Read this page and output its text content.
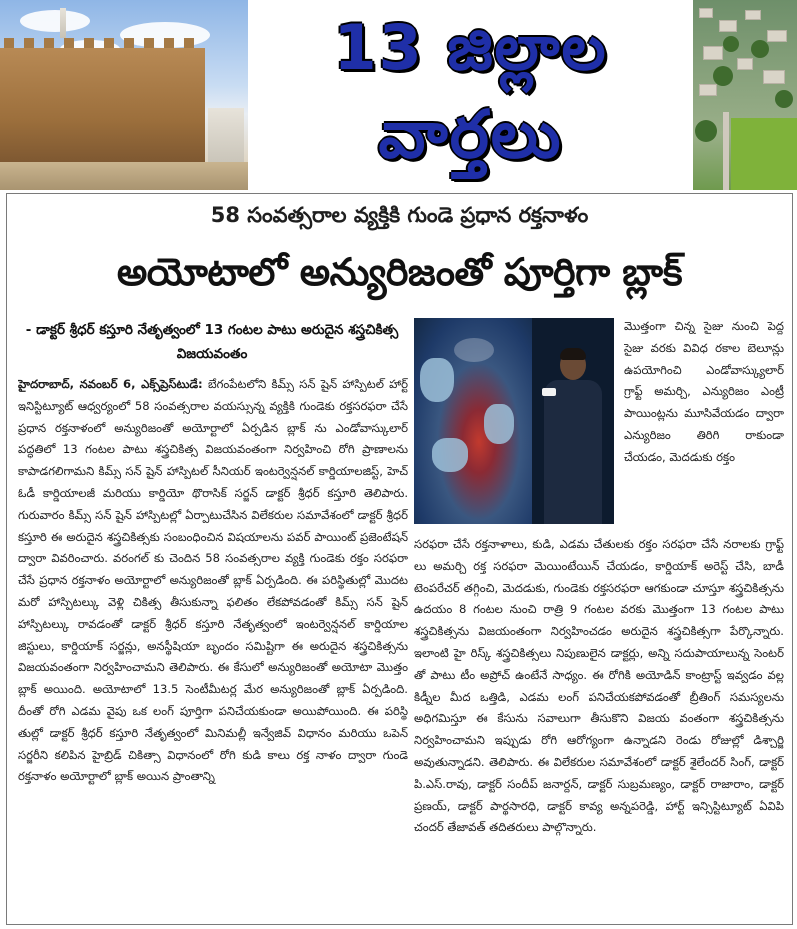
13 జిల్లాల
వార్తలు
58 సంవత్సరాల వ్యక్తికి గుండె ప్రధాన రక్తనాళం
అయోటాలో అన్యురిజంతో పూర్తిగా బ్లాక్
- డాక్టర్ శ్రీధర్ కస్తూరి నేతృత్వంలో 13 గంటల పాటు అరుదైన శస్త్రచికిత్స విజయవంతం
హైదరాబాద్, నవంబర్ 6, ఎక్స్‌ప్రెస్‌టుడే: బేగంపేటలోని కిమ్స్ సన్ షైన్ హాస్పిటల్ హార్ట్ ఇనిస్టిట్యూట్ ఆధ్వర్యంలో 58 సంవత్సరాల వయస్సున్న వ్యక్తికి గుండెకు రక్తసరఫరా చేసే ప్రధాన రక్తనాళంలో అన్యురిజంతో అయోర్టాలో ఏర్పడిన బ్లాక్ ను ఎండోవాస్కులార్ పద్ధతిలో 13 గంటల పాటు శస్త్రచికిత్స విజయవంతంగా నిర్వహించి రోగి ప్రాణాలను కాపాడగలిగామని కిమ్స్ సన్ షైన్ హాస్పిటల్ సీనియర్ ఇంటర్వెన్షనల్ కార్డియాలజిస్ట్, హెచ్ ఓడీ కార్డియాలజీ మరియు కార్డియో థొరాసిక్ సర్జన్ డాక్టర్ శ్రీధర్ కస్తూరి తెలిపారు. గురువారం కిమ్స్ సన్ షైన్ హాస్పిటల్లో ఏర్పాటుచేసిన విలేకరుల సమావేశంలో డాక్టర్ శ్రీధర్ కస్తూరి ఈ అరుదైన శస్త్రచికిత్సకు సంబంధించిన విషయాలను పవర్ పాయింట్ ప్రజెంటేషన్ ద్వారా వివరించారు. వరంగల్ కు చెందిన 58 సంవత్సరాల వ్యక్తి గుండెకు రక్తం సరఫరా చేసే ప్రధాన రక్తనాళం అయోర్టాలో అన్యురిజంతో బ్లాక్ ఏర్పడింది. ఈ పరిస్థితుల్లో మొదట మరో హాస్పిటల్కు వెళ్లి చికిత్స తీసుకున్నా ఫలితం లేకపోవడంతో కిమ్స్ సన్ షైన్ హాస్పిటల్కు రావడంతో డాక్టర్ శ్రీధర్ కస్తూరి నేతృత్వంలో ఇంటర్వెన్షనల్ కార్డియాల జిస్టులు, కార్డియాక్ సర్జన్లు, అనస్థీషియా బృందం సమిష్టిగా ఈ అరుదైన శస్త్రచికిత్సను విజయవంతంగా నిర్వహించామని తెలిపారు. ఈ కేసులో అన్యురిజంతో అయోటా మొత్తం బ్లాక్ అయింది. అయోటాలో 13.5 సెంటీమీటర్ల మేర అన్యురిజంతో బ్లాక్ ఏర్పడింది. దీంతో రోగి ఎడమ వైపు ఒక లంగ్ పూర్తిగా పనిచేయకుండా అయిపోయింది. ఈ పరిస్థి తుల్లో డాక్టర్ శ్రీధర్ కస్తూరి నేతృత్వంలో మినిమల్లీ ఇన్వేజివ్ విధానం మరియు ఒపెన్ సర్జరీని కలిపిన హైబ్రిడ్ చికిత్సా విధానంలో రోగి కుడి కాలు రక్త నాళం ద్వారా గుండె రక్తనాళం అయోర్టాలో బ్లాక్ అయిన ప్రాంతాన్ని
మొత్తంగా చిన్న సైజు నుంచి పెద్ద సైజు వరకు వివిధ రకాల బెలూన్లు ఉపయోగించి ఎండోవాస్క్యులార్ గ్రాఫ్ట్ అమర్చి, ఎన్యురిజం ఎంట్రీ పాయింట్లను మూసివేయడం ద్వారా ఎన్యురిజం తిరిగి రాకుండా చేయడం, మెదడుకు రక్తం
సరఫరా చేసే రక్తనాళాలు, కుడి, ఎడమ చేతులకు రక్తం సరఫరా చేసే నరాలకు గ్రాఫ్ట్ లు అమర్చి రక్త సరఫరా మెయింటేయిన్ చేయడం, కార్డియాక్ అరెస్ట్ చేసి, బాడీ టెంపరేచర్ తగ్గించి, మెదడుకు, గుండెకు రక్తసరఫరా ఆగకుండా చూస్తూ శస్త్రచికిత్సను ఉదయం 8 గంటల నుంచి రాత్రి 9 గంటల వరకు మొత్తంగా 13 గంటల పాటు శస్త్రచికిత్సను విజయంతంగా నిర్వహించడం అరుదైన శస్త్రచికిత్సగా పేర్కొన్నారు. ఇలాంటి హై రిస్క్ శస్త్రచికిత్సలు నిపుణులైన డాక్టర్లు, అన్ని సదుపాయాలున్న సెంటర్ తో పాటు టీం అప్రోచ్ ఉంటేనే సాధ్యం. ఈ రోగికి అయోడిన్ కాంట్రాస్ట్ ఇవ్వడం వల్ల కిడ్నీల మీద ఒత్తిడి, ఎడమ లంగ్ పనిచేయకపోవడంతో బ్రీతింగ్ సమస్యలను అధిగమిస్తూ ఈ కేసును సవాలుగా తీసుకొని విజయ వంతంగా శస్త్రచికిత్సను నిర్వహించామని ఇప్పుడు రోగి ఆరోగ్యంగా ఉన్నాడని రెండు రోజుల్లో డిశ్చార్జి అవుతున్నాడని. తెలిపారు. ఈ విలేకరుల సమావేశంలో డాక్టర్ శైలేందర్ సింగ్, డాక్టర్ పి.ఎస్.రావు, డాక్టర్ సందీప్ జనార్దన్, డాక్టర్ సుబ్రమణ్యం, డాక్టర్ రాజారాం, డాక్టర్ ప్రణయ్, డాక్టర్ పార్థసారధి, డాక్టర్ కావ్య అన్నపరెడ్డి, హార్ట్ ఇన్సిస్టిట్యూట్ ఏవిపి చందర్ తేజావత్ తదితరులు పాల్గొన్నారు.
